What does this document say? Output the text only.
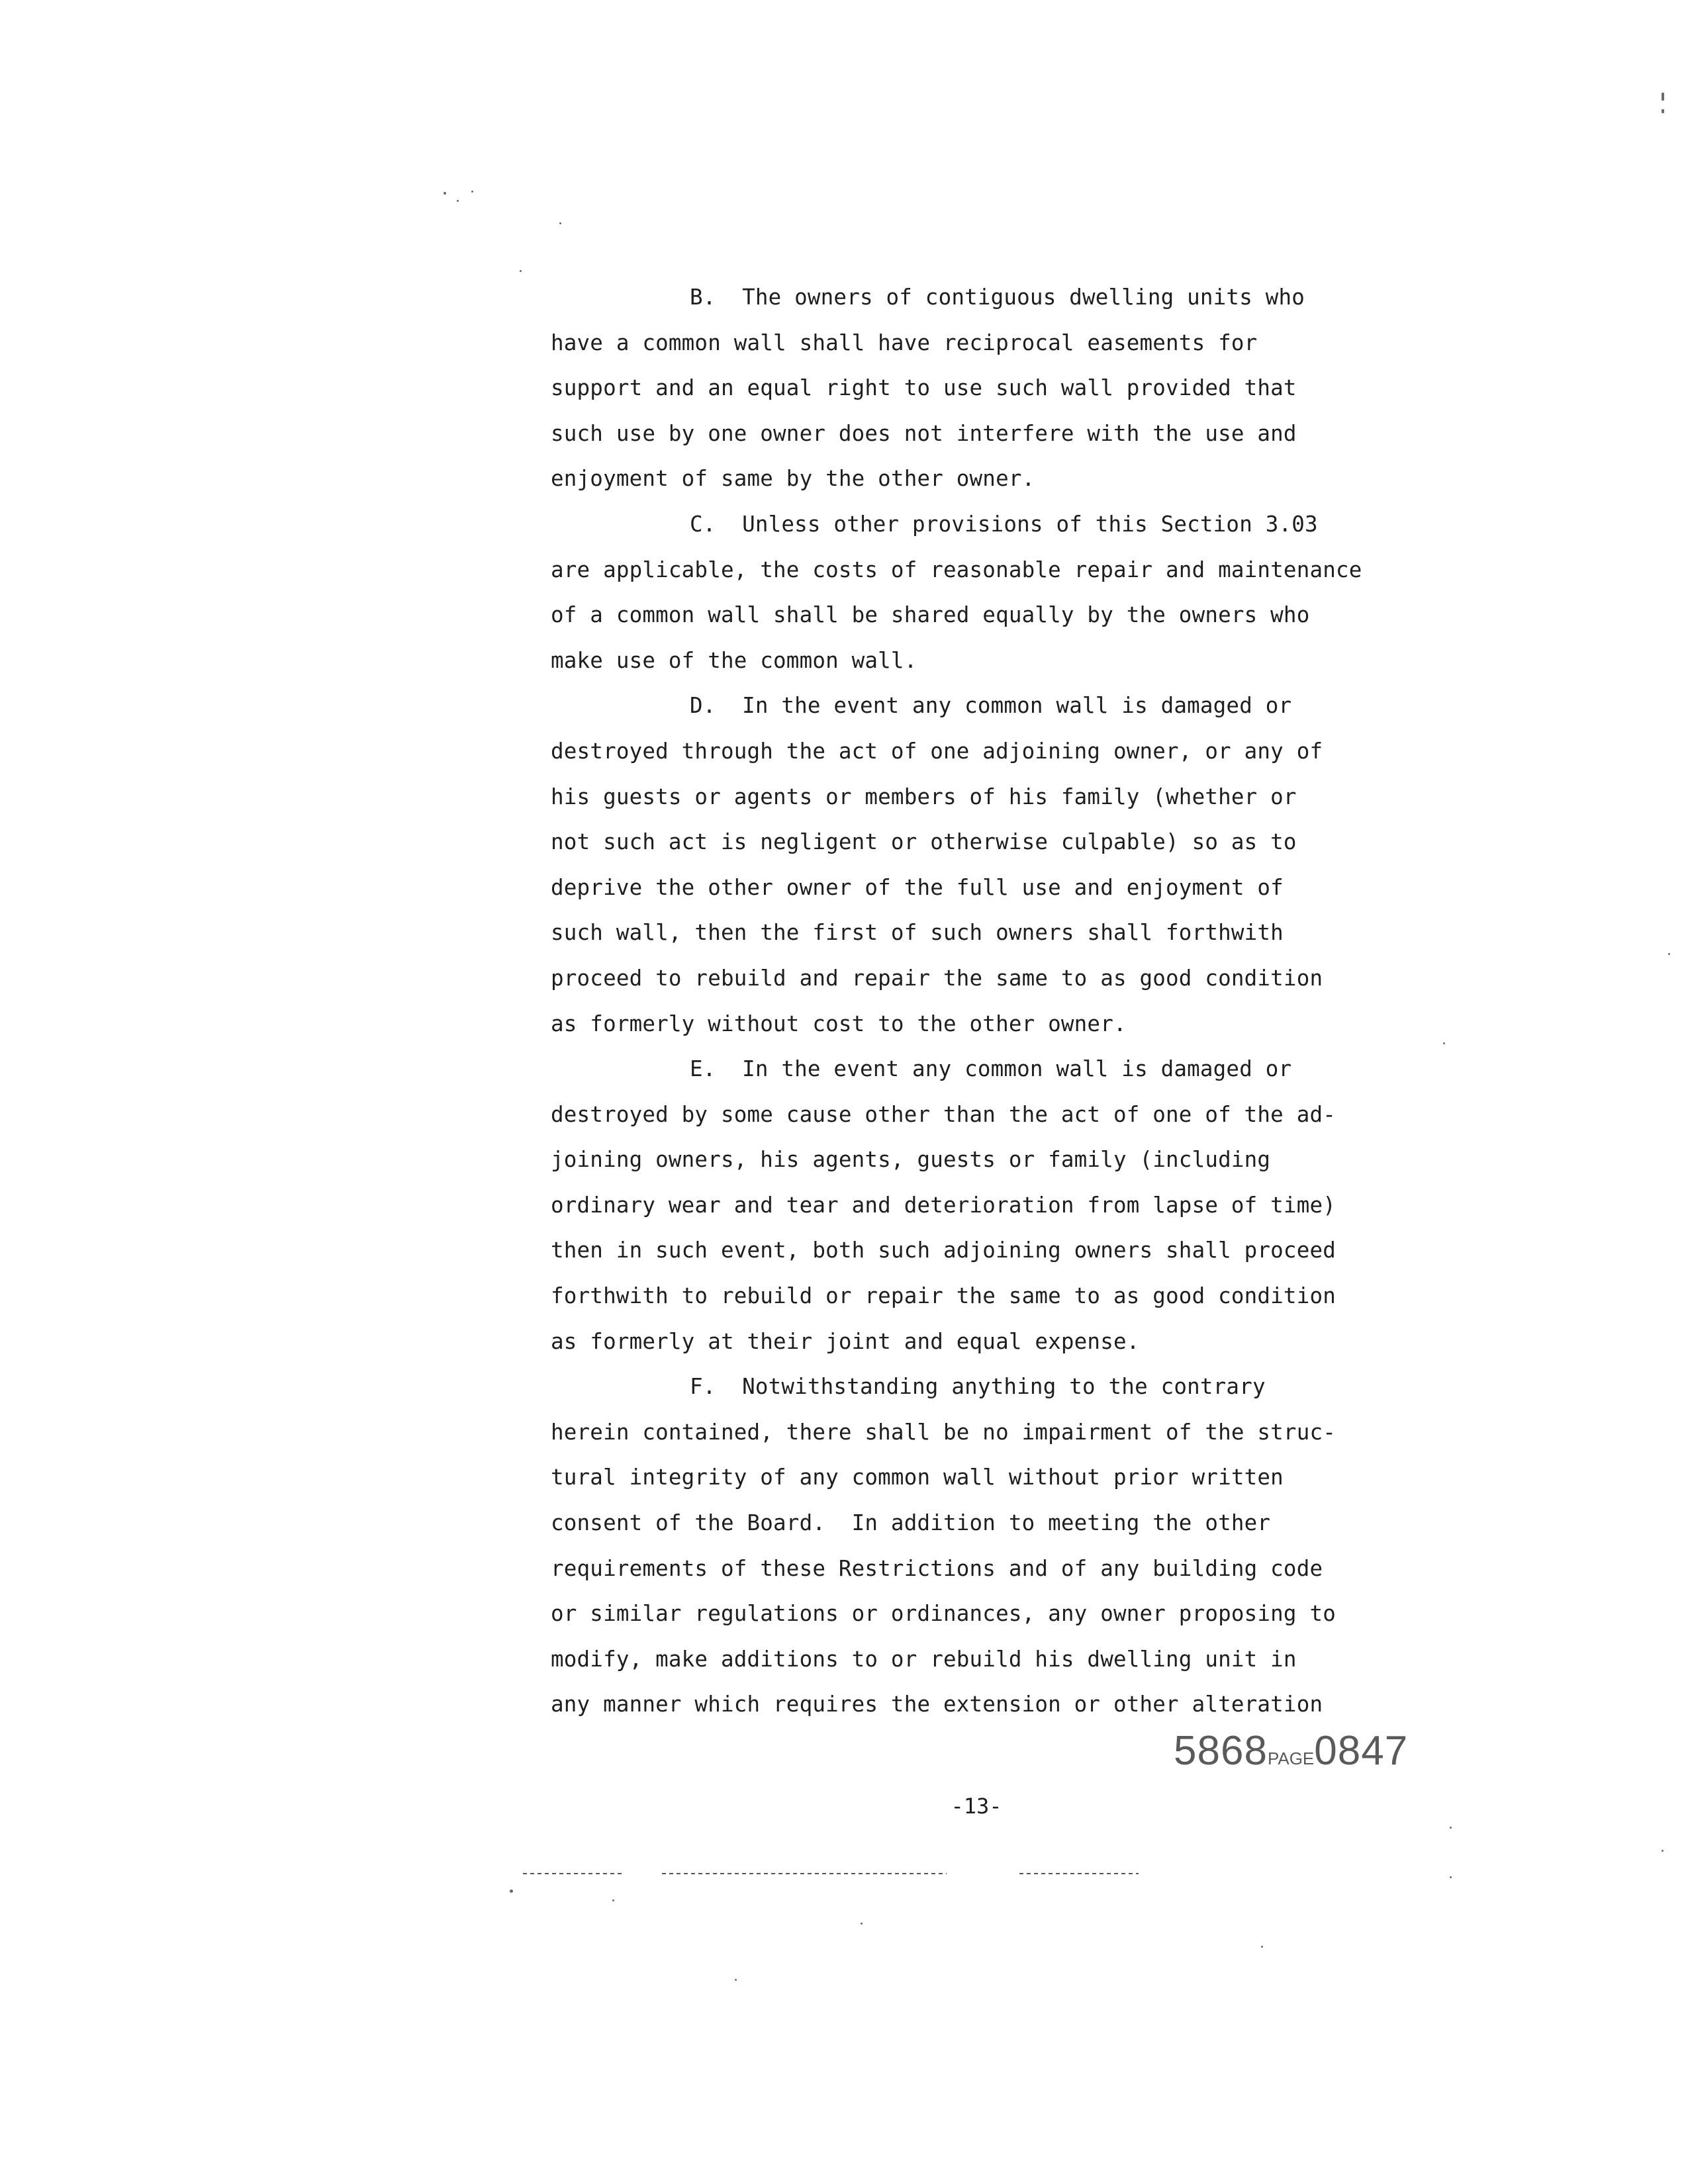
B.  The owners of contiguous dwelling units who
have a common wall shall have reciprocal easements for
support and an equal right to use such wall provided that
such use by one owner does not interfere with the use and
enjoyment of same by the other owner.
C.  Unless other provisions of this Section 3.03
are applicable, the costs of reasonable repair and maintenance
of a common wall shall be shared equally by the owners who
make use of the common wall.
D.  In the event any common wall is damaged or
destroyed through the act of one adjoining owner, or any of
his guests or agents or members of his family (whether or
not such act is negligent or otherwise culpable) so as to
deprive the other owner of the full use and enjoyment of
such wall, then the first of such owners shall forthwith
proceed to rebuild and repair the same to as good condition
as formerly without cost to the other owner.
E.  In the event any common wall is damaged or
destroyed by some cause other than the act of one of the ad-
joining owners, his agents, guests or family (including
ordinary wear and tear and deterioration from lapse of time)
then in such event, both such adjoining owners shall proceed
forthwith to rebuild or repair the same to as good condition
as formerly at their joint and equal expense.
F.  Notwithstanding anything to the contrary
herein contained, there shall be no impairment of the struc-
tural integrity of any common wall without prior written
consent of the Board.  In addition to meeting the other
requirements of these Restrictions and of any building code
or similar regulations or ordinances, any owner proposing to
modify, make additions to or rebuild his dwelling unit in
any manner which requires the extension or other alteration
5868PAGE0847
-13-
